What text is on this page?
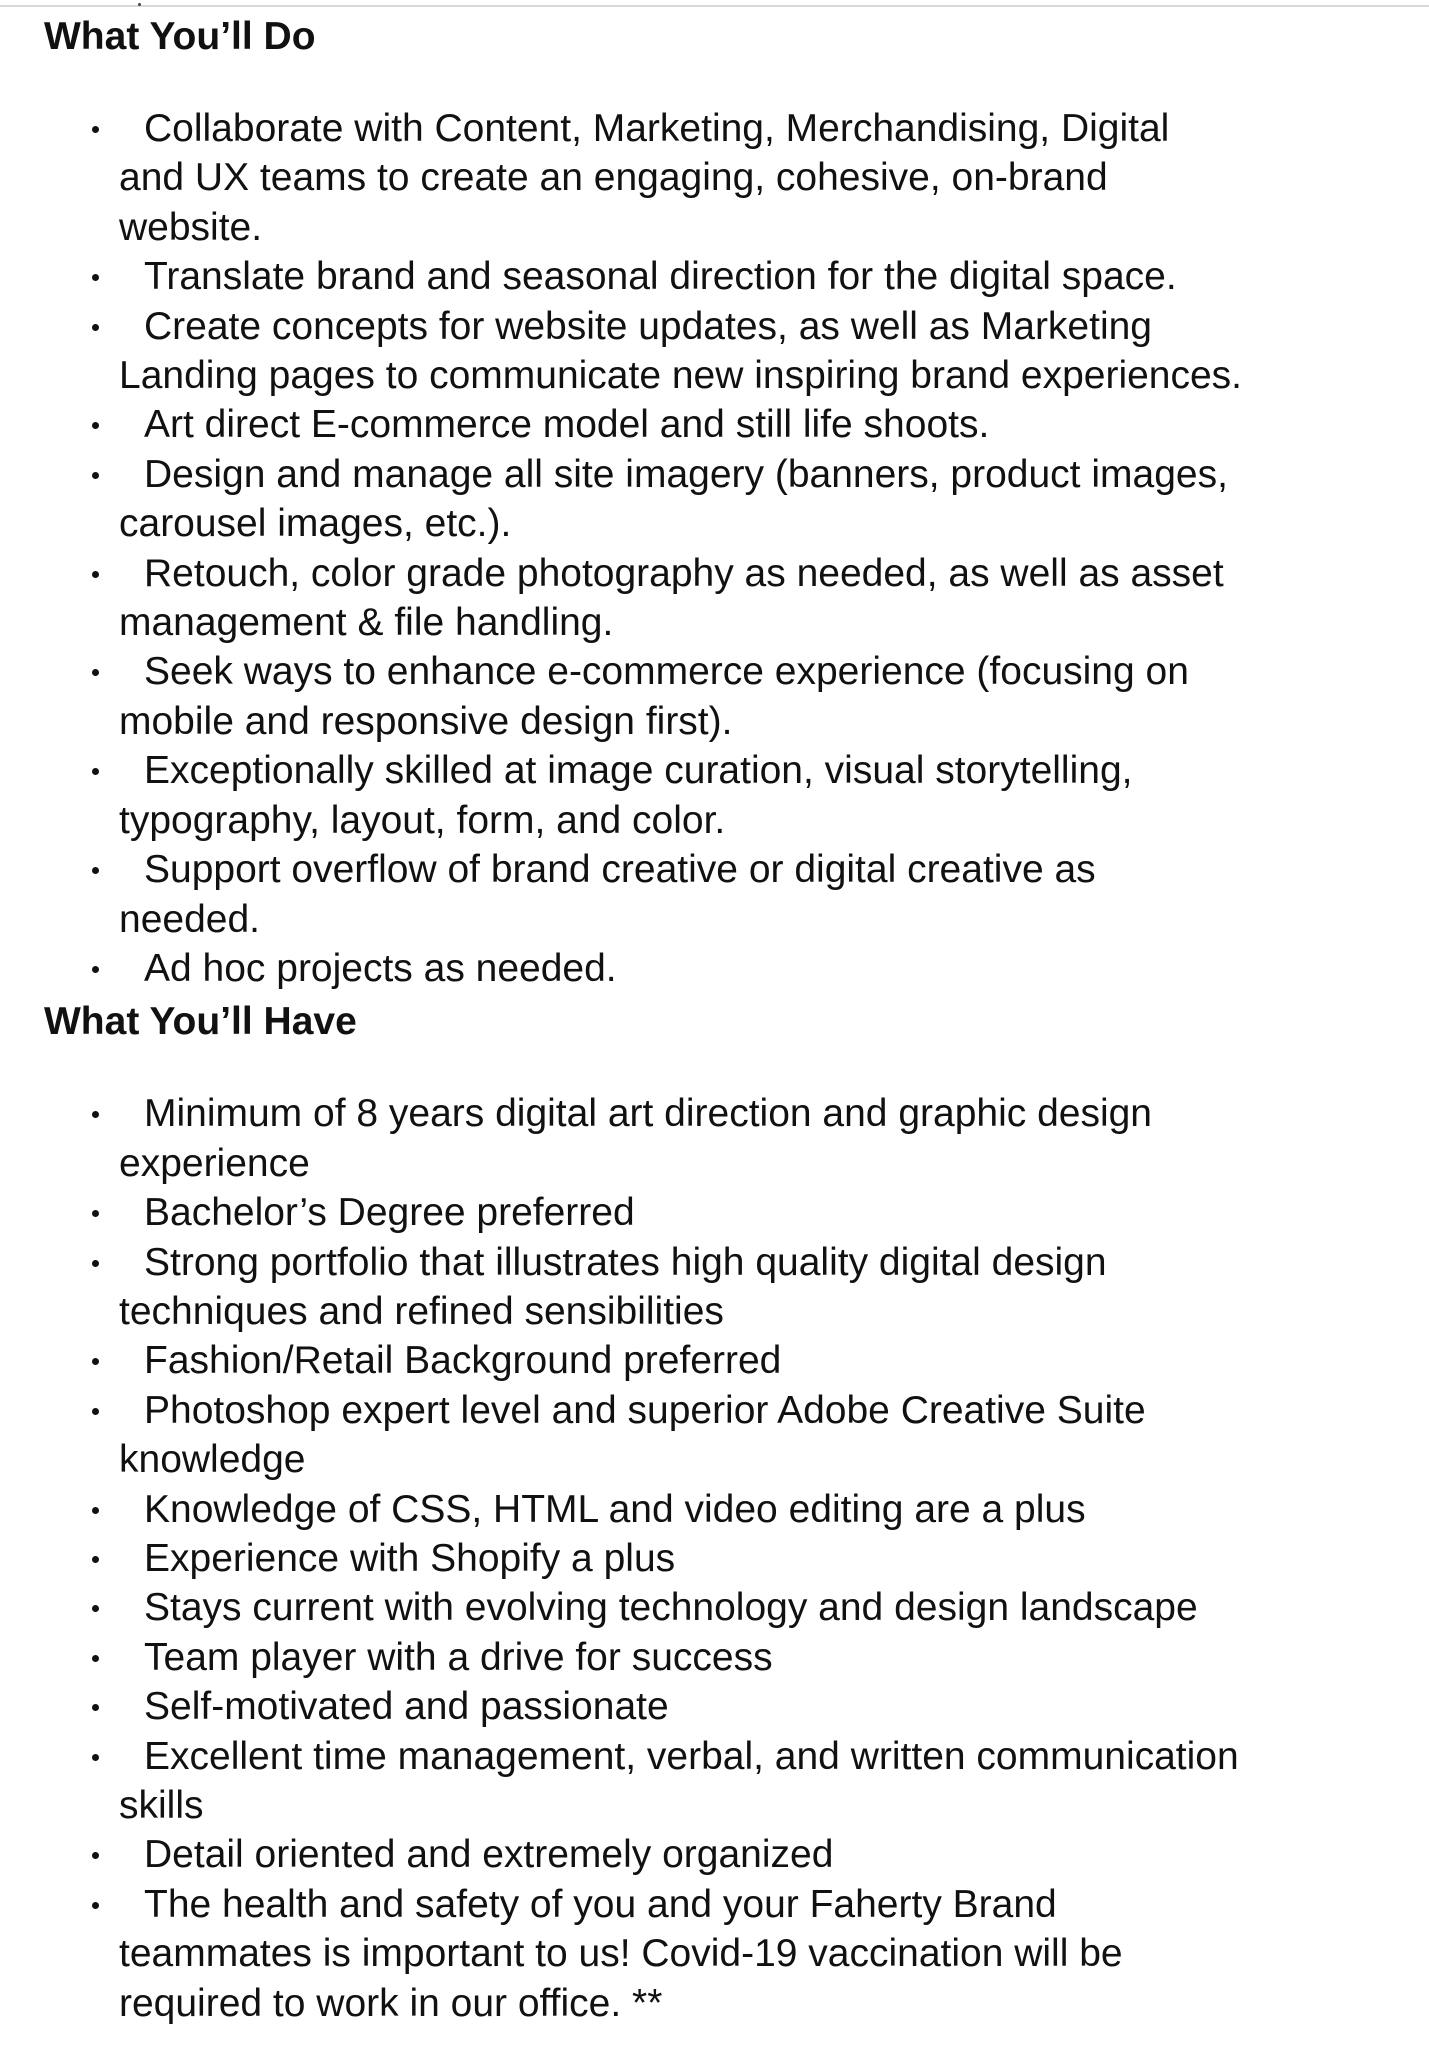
What You’ll Do
Collaborate with Content, Marketing, Merchandising, Digital
and UX teams to create an engaging, cohesive, on-brand
website.
Translate brand and seasonal direction for the digital space.
Create concepts for website updates, as well as Marketing
Landing pages to communicate new inspiring brand experiences.
Art direct E-commerce model and still life shoots.
Design and manage all site imagery (banners, product images,
carousel images, etc.).
Retouch, color grade photography as needed, as well as asset
management & file handling.
Seek ways to enhance e-commerce experience (focusing on
mobile and responsive design first).
Exceptionally skilled at image curation, visual storytelling,
typography, layout, form, and color.
Support overflow of brand creative or digital creative as
needed.
Ad hoc projects as needed.
What You’ll Have
Minimum of 8 years digital art direction and graphic design
experience
Bachelor’s Degree preferred
Strong portfolio that illustrates high quality digital design
techniques and refined sensibilities
Fashion/Retail Background preferred
Photoshop expert level and superior Adobe Creative Suite
knowledge
Knowledge of CSS, HTML and video editing are a plus
Experience with Shopify a plus
Stays current with evolving technology and design landscape
Team player with a drive for success
Self-motivated and passionate
Excellent time management, verbal, and written communication
skills
Detail oriented and extremely organized
The health and safety of you and your Faherty Brand
teammates is important to us! Covid-19 vaccination will be
required to work in our office. **
